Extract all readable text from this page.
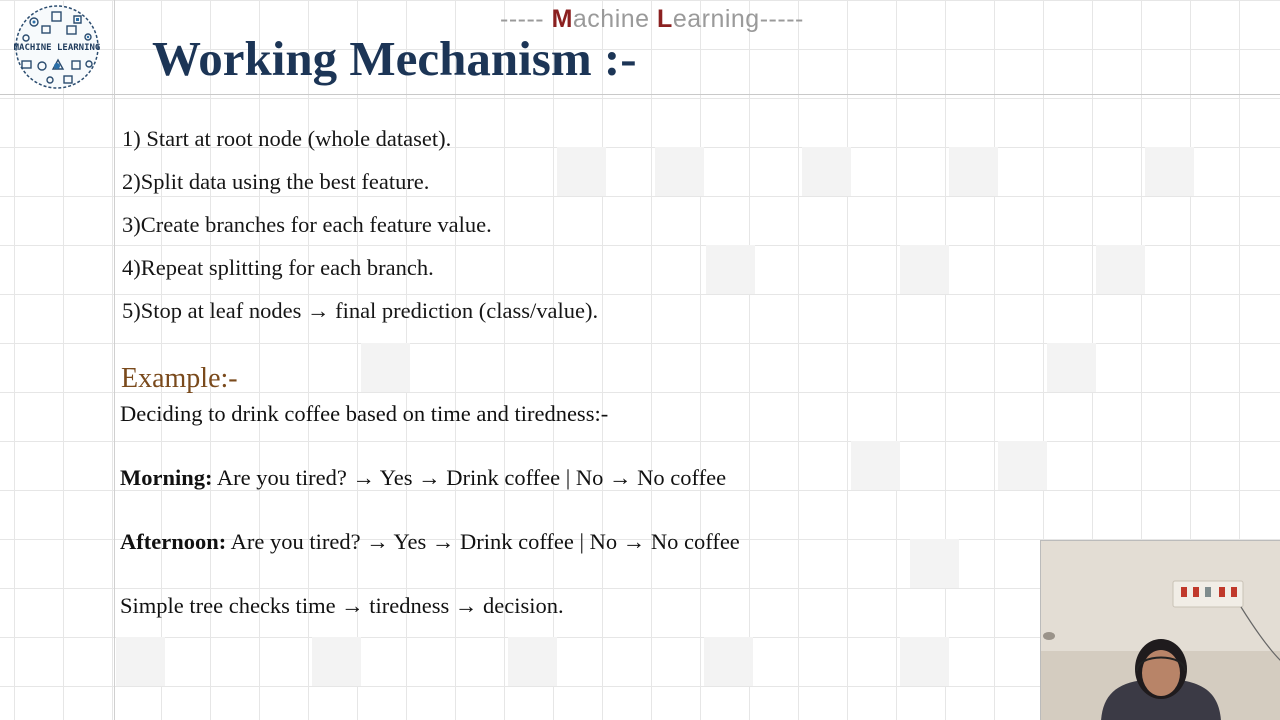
MACHINE LEARNING
----- Machine Learning-----
Working Mechanism :-
1) Start at root node (whole dataset).
2)Split data using the best feature.
3)Create branches for each feature value.
4)Repeat splitting for each branch.
5)Stop at leaf nodes → final prediction (class/value).
Example:-
Deciding to drink coffee based on time and tiredness:-
Morning: Are you tired? → Yes → Drink coffee | No → No coffee
Afternoon: Are you tired? → Yes → Drink coffee | No → No coffee
Simple tree checks time → tiredness → decision.
